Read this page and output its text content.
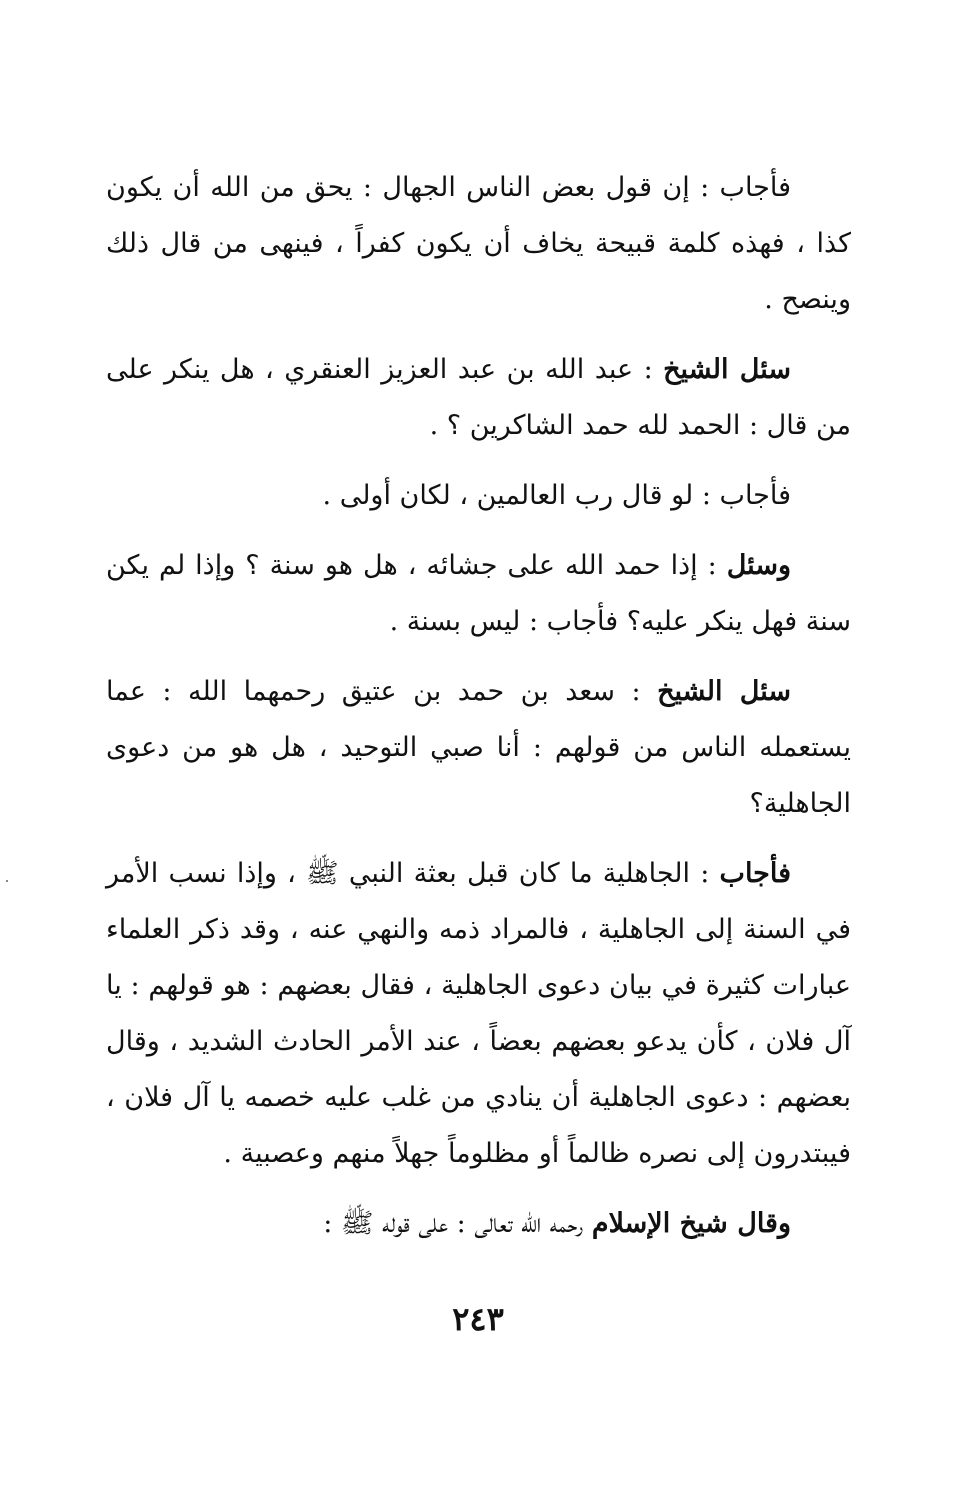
فأجاب : إن قول بعض الناس الجهال : يحق من الله أن يكون كذا ، فهذه كلمة قبيحة يخاف أن يكون كفراً ، فينهى من قال ذلك وينصح .

سئل الشيخ : عبد الله بن عبد العزيز العنقري ، هل ينكر على من قال : الحمد لله حمد الشاكرين ؟ .

فأجاب : لو قال رب العالمين ، لكان أولى .

وسئل : إذا حمد الله على جشائه ، هل هو سنة ؟ وإذا لم يكن سنة فهل ينكر عليه؟ فأجاب : ليس بسنة .

سئل الشيخ : سعد بن حمد بن عتيق رحمهما الله : عما يستعمله الناس من قولهم : أنا صبي التوحيد ، هل هو من دعوى الجاهلية؟

فأجاب : الجاهلية ما كان قبل بعثة النبي ﷺ ، وإذا نسب الأمر في السنة إلى الجاهلية ، فالمراد ذمه والنهي عنه ، وقد ذكر العلماء عبارات كثيرة في بيان دعوى الجاهلية ، فقال بعضهم : هو قولهم : يا آل فلان ، كأن يدعو بعضهم بعضاً ، عند الأمر الحادث الشديد ، وقال بعضهم : دعوى الجاهلية أن ينادي من غلب عليه خصمه يا آل فلان ، فيبتدرون إلى نصره ظالماً أو مظلوماً جهلاً منهم وعصبية .

وقال شيخ الإسلام رحمه الله تعالى : على قوله ﷺ :

٢٤٣
